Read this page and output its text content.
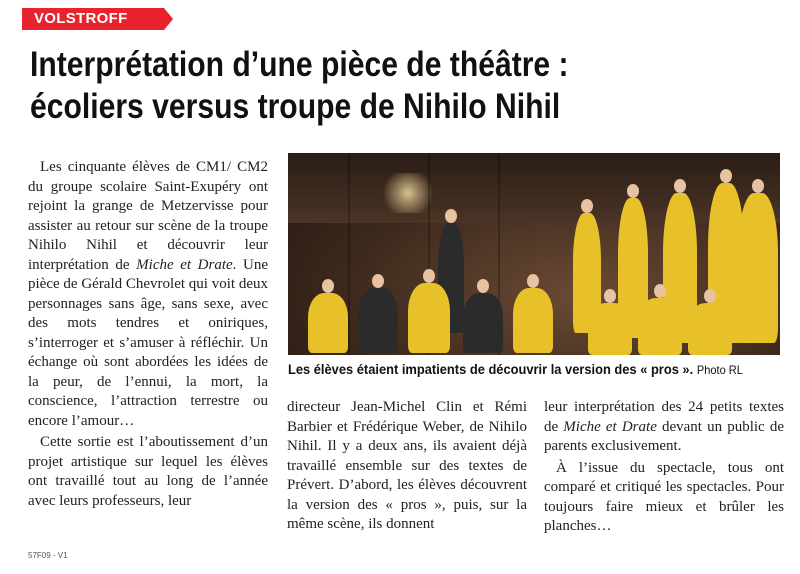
VOLSTROFF
Interprétation d’une pièce de théâtre :
écoliers versus troupe de Nihilo Nihil

Les cinquante élèves de CM1/ CM2 du groupe scolaire Saint-Exupéry ont rejoint la grange de Metzervisse pour assister au retour sur scène de la troupe Nihilo Nihil et découvrir leur interprétation de Miche et Drate. Une pièce de Gérald Chevrolet qui voit deux personnages sans âge, sans sexe, avec des mots tendres et oniriques, s’interroger et s’amuser à réfléchir. Un échange où sont abordées les idées de la peur, de l’ennui, la mort, la conscience, l’attraction terrestre ou encore l’amour…

Cette sortie est l’aboutissement d’un projet artistique sur lequel les élèves ont travaillé tout au long de l’année avec leurs professeurs, leur

Les élèves étaient impatients de découvrir la version des « pros ». Photo RL

directeur Jean-Michel Clin et Rémi Barbier et Frédérique Weber, de Nihilo Nihil. Il y a deux ans, ils avaient déjà travaillé ensemble sur des textes de Prévert. D’abord, les élèves découvrent la version des « pros », puis, sur la même scène, ils donnent

leur interprétation des 24 petits textes de Miche et Drate devant un public de parents exclusivement.

À l’issue du spectacle, tous ont comparé et critiqué les spectacles. Pour toujours faire mieux et brûler les planches…

57F09 - V1
